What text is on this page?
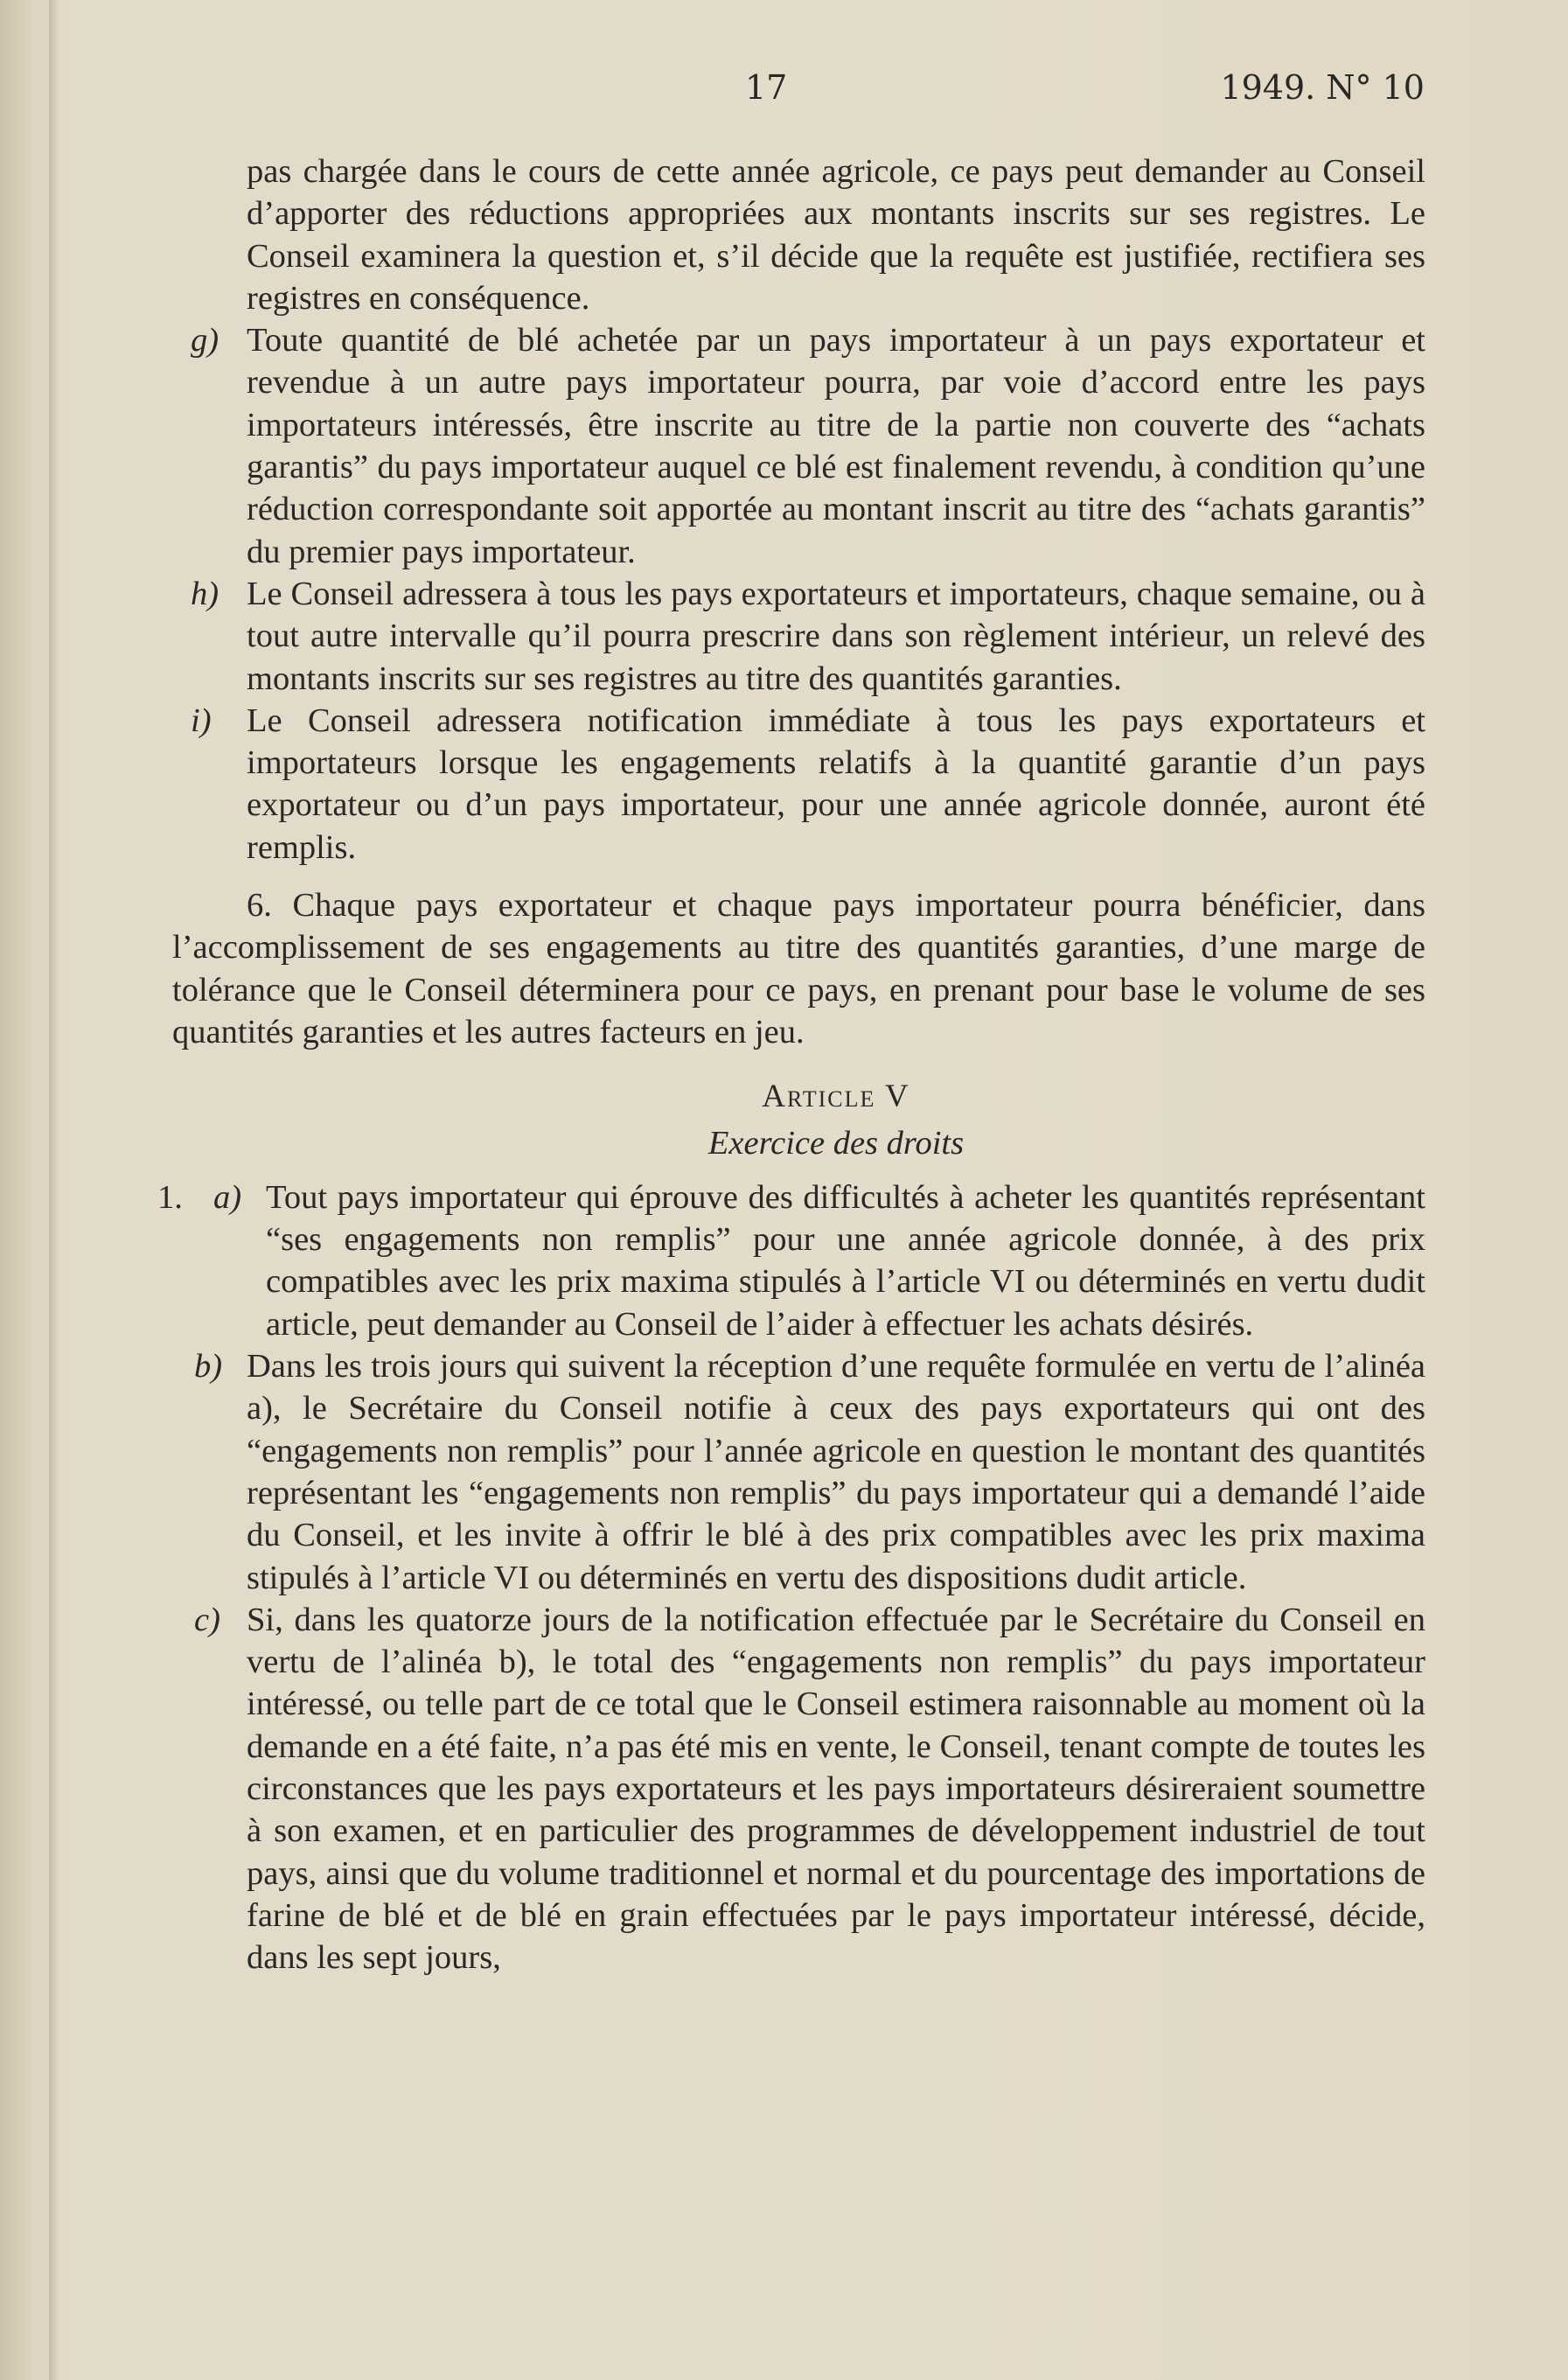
17	1949. N° 10

pas chargée dans le cours de cette année agricole, ce pays peut demander au Conseil d’apporter des réductions appropriées aux montants inscrits sur ses registres. Le Conseil examinera la question et, s’il décide que la requête est justifiée, rectifiera ses registres en conséquence.

g) Toute quantité de blé achetée par un pays importateur à un pays exportateur et revendue à un autre pays importateur pourra, par voie d’accord entre les pays importateurs intéressés, être inscrite au titre de la partie non couverte des “achats garantis” du pays importateur auquel ce blé est finalement revendu, à condition qu’une réduction correspondante soit apportée au montant inscrit au titre des “achats garantis” du premier pays importateur.

h) Le Conseil adressera à tous les pays exportateurs et importateurs, chaque semaine, ou à tout autre intervalle qu’il pourra prescrire dans son règlement intérieur, un relevé des montants inscrits sur ses registres au titre des quantités garanties.

i) Le Conseil adressera notification immédiate à tous les pays exportateurs et importateurs lorsque les engagements relatifs à la quantité garantie d’un pays exportateur ou d’un pays importateur, pour une année agricole donnée, auront été remplis.

6. Chaque pays exportateur et chaque pays importateur pourra bénéficier, dans l’accomplissement de ses engagements au titre des quantités garanties, d’une marge de tolérance que le Conseil déterminera pour ce pays, en prenant pour base le volume de ses quantités garanties et les autres facteurs en jeu.

Article V

Exercice des droits

1. a) Tout pays importateur qui éprouve des difficultés à acheter les quantités représentant “ses engagements non remplis” pour une année agricole donnée, à des prix compatibles avec les prix maxima stipulés à l’article VI ou déterminés en vertu dudit article, peut demander au Conseil de l’aider à effectuer les achats désirés.

b) Dans les trois jours qui suivent la réception d’une requête formulée en vertu de l’alinéa a), le Secrétaire du Conseil notifie à ceux des pays exportateurs qui ont des “engagements non remplis” pour l’année agricole en question le montant des quantités représentant les “engagements non remplis” du pays importateur qui a demandé l’aide du Conseil, et les invite à offrir le blé à des prix compatibles avec les prix maxima stipulés à l’article VI ou déterminés en vertu des dispositions dudit article.

c) Si, dans les quatorze jours de la notification effectuée par le Secrétaire du Conseil en vertu de l’alinéa b), le total des “engagements non remplis” du pays importateur intéressé, ou telle part de ce total que le Conseil estimera raisonnable au moment où la demande en a été faite, n’a pas été mis en vente, le Conseil, tenant compte de toutes les circonstances que les pays exportateurs et les pays importateurs désireraient soumettre à son examen, et en particulier des programmes de développement industriel de tout pays, ainsi que du volume traditionnel et normal et du pourcentage des importations de farine de blé et de blé en grain effectuées par le pays importateur intéressé, décide, dans les sept jours,
